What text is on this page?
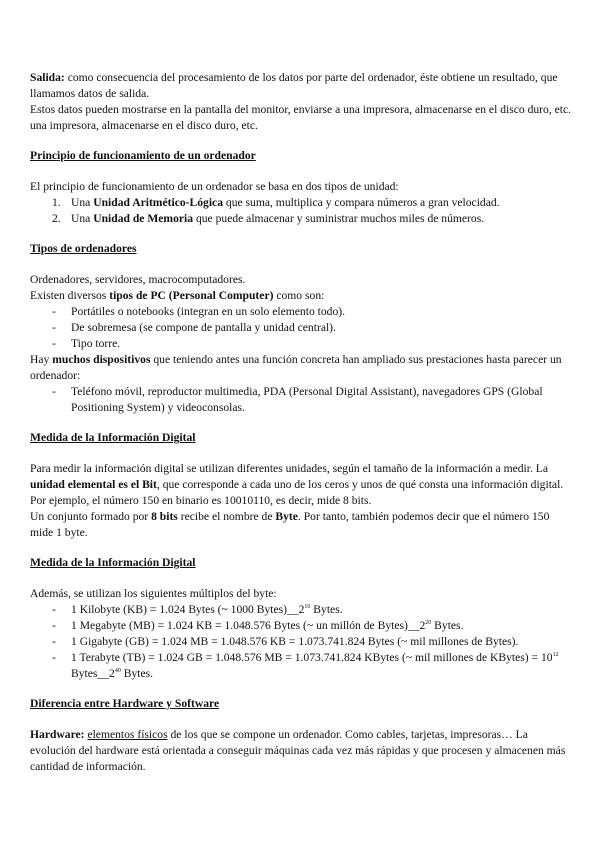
Salida: como consecuencia del procesamiento de los datos por parte del ordenador, éste obtiene un resultado, que llamamos datos de salida.

Estos datos pueden mostrarse en la pantalla del monitor, enviarse a una impresora, almacenarse en el disco duro, etc. una impresora, almacenarse en el disco duro, etc.

Principio de funcionamiento de un ordenador

El principio de funcionamiento de un ordenador se basa en dos tipos de unidad:

1. Una Unidad Aritmético-Lógica que suma, multiplica y compara números a gran velocidad.
2. Una Unidad de Memoria que puede almacenar y suministrar muchos miles de números.

Tipos de ordenadores

Ordenadores, servidores, macrocomputadores.

Existen diversos tipos de PC (Personal Computer) como son:

- Portátiles o notebooks (integran en un solo elemento todo).
- De sobremesa (se compone de pantalla y unidad central).
- Tipo torre.

Hay muchos dispositivos que teniendo antes una función concreta han ampliado sus prestaciones hasta parecer un ordenador:

- Teléfono móvil, reproductor multimedia, PDA (Personal Digital Assistant), navegadores GPS (Global Positioning System) y videoconsolas.

Medida de la Información Digital

Para medir la información digital se utilizan diferentes unidades, según el tamaño de la información a medir. La unidad elemental es el Bit, que corresponde a cada uno de los ceros y unos de qué consta una información digital.

Por ejemplo, el número 150 en binario es 10010110, es decir, mide 8 bits.

Un conjunto formado por 8 bits recibe el nombre de Byte. Por tanto, también podemos decir que el número 150 mide 1 byte.

Medida de la Información Digital

Además, se utilizan los siguientes múltiplos del byte:

- 1 Kilobyte (KB) = 1.024 Bytes (~ 1000 $Bytes)\_\_2^{10}$ Bytes.
- 1 Megabyte (MB) = 1.024 KB = 1.048.576 Bytes (~ un millón de $Bytes)\_\_2^{20}$ Bytes.
- 1 Gigabyte (GB) = 1.024 MB = 1.048.576 KB = 1.073.741.824 Bytes (~ mil millones de Bytes).
- 1 Terabyte (TB) = 1.024 GB = 1.048.576 MB = 1.073.741.824 KBytes (~ mil millones de KBytes) = $10^{12}$ $Bytes\_\_2^{40}$ Bytes.

Diferencia entre Hardware y Software

Hardware: elementos físicos de los que se compone un ordenador. Como cables, tarjetas, impresoras… La evolución del hardware está orientada a conseguir máquinas cada vez más rápidas y que procesen y almacenen más cantidad de información.
